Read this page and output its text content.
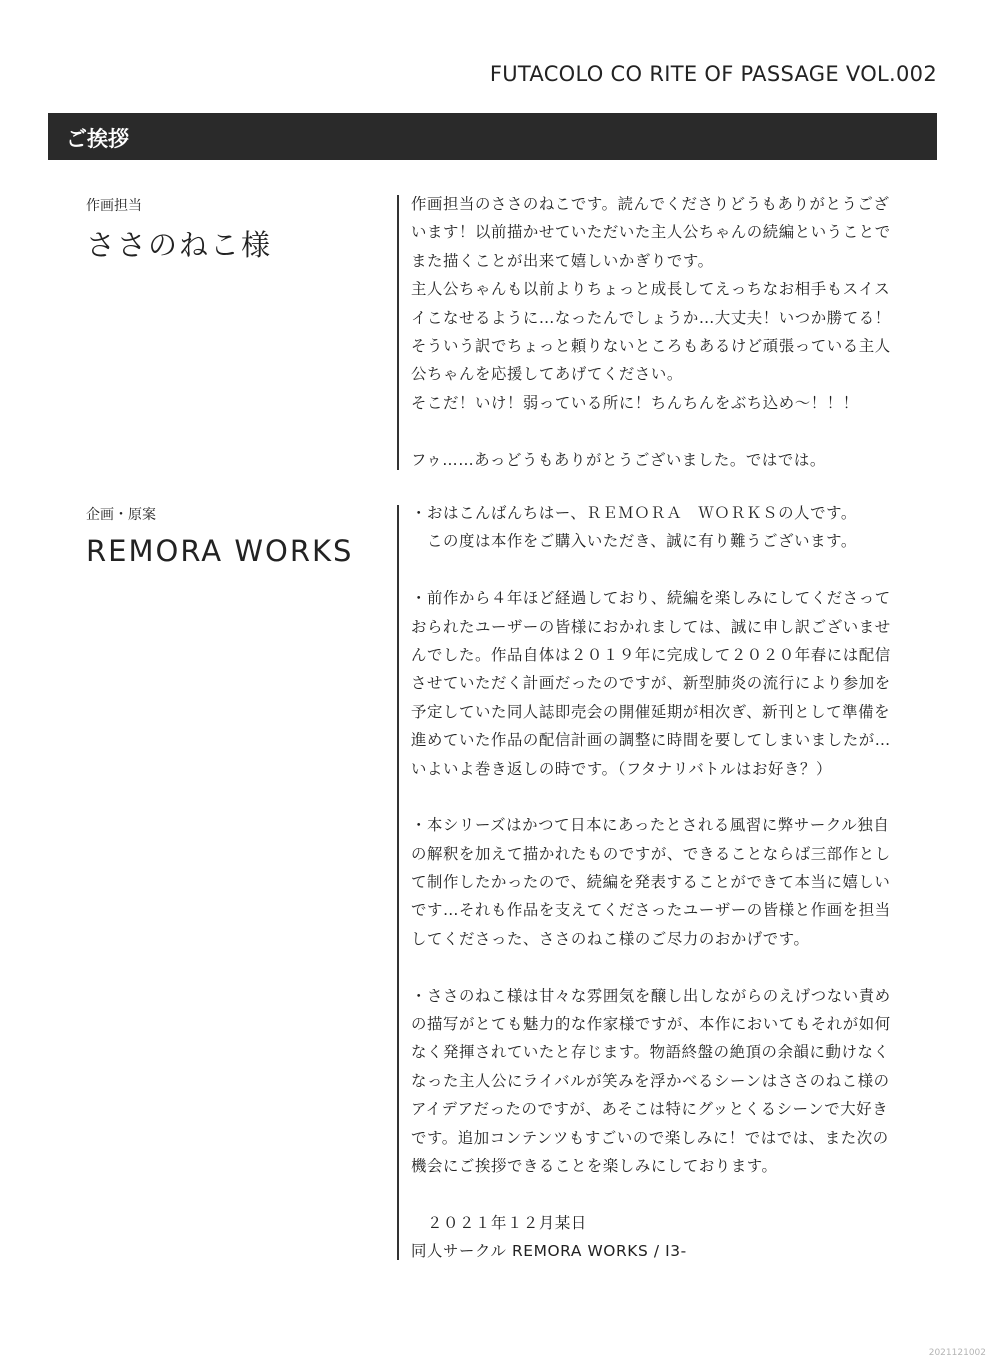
FUTACOLO CO RITE OF PASSAGE VOL.002
ご挨拶
作画担当
ささのねこ様
作画担当のささのねこです。読んでくださりどうもありがとうござ
います！以前描かせていただいた主人公ちゃんの続編ということで
また描くことが出来て嬉しいかぎりです。
主人公ちゃんも以前よりちょっと成長してえっちなお相手もスイス
イこなせるように…なったんでしょうか…大丈夫！いつか勝てる！
そういう訳でちょっと頼りないところもあるけど頑張っている主人
公ちゃんを応援してあげてください。
そこだ！いけ！弱っている所に！ちんちんをぶち込め～！！！
フゥ……あっどうもありがとうございました。ではでは。
企画・原案
REMORA WORKS
・おはこんばんちはー、ＲＥＭＯＲＡ　ＷＯＲＫＳの人です。
　この度は本作をご購入いただき、誠に有り難うございます。
・前作から４年ほど経過しており、続編を楽しみにしてくださって
おられたユーザーの皆様におかれましては、誠に申し訳ございませ
んでした。作品自体は２０１９年に完成して２０２０年春には配信
させていただく計画だったのですが、新型肺炎の流行により参加を
予定していた同人誌即売会の開催延期が相次ぎ、新刊として準備を
進めていた作品の配信計画の調整に時間を要してしまいましたが…
いよいよ巻き返しの時です。（フタナリバトルはお好き？）
・本シリーズはかつて日本にあったとされる風習に弊サークル独自
の解釈を加えて描かれたものですが、できることならば三部作とし
て制作したかったので、続編を発表することができて本当に嬉しい
です…それも作品を支えてくださったユーザーの皆様と作画を担当
してくださった、ささのねこ様のご尽力のおかげです。
・ささのねこ様は甘々な雰囲気を醸し出しながらのえげつない責め
の描写がとても魅力的な作家様ですが、本作においてもそれが如何
なく発揮されていたと存じます。物語終盤の絶頂の余韻に動けなく
なった主人公にライバルが笑みを浮かべるシーンはささのねこ様の
アイデアだったのですが、あそこは特にグッとくるシーンで大好き
です。追加コンテンツもすごいので楽しみに！ではでは、また次の
機会にご挨拶できることを楽しみにしております。
　２０２１年１２月某日
同人サークル REMORA WORKS / I3-
2021121002
